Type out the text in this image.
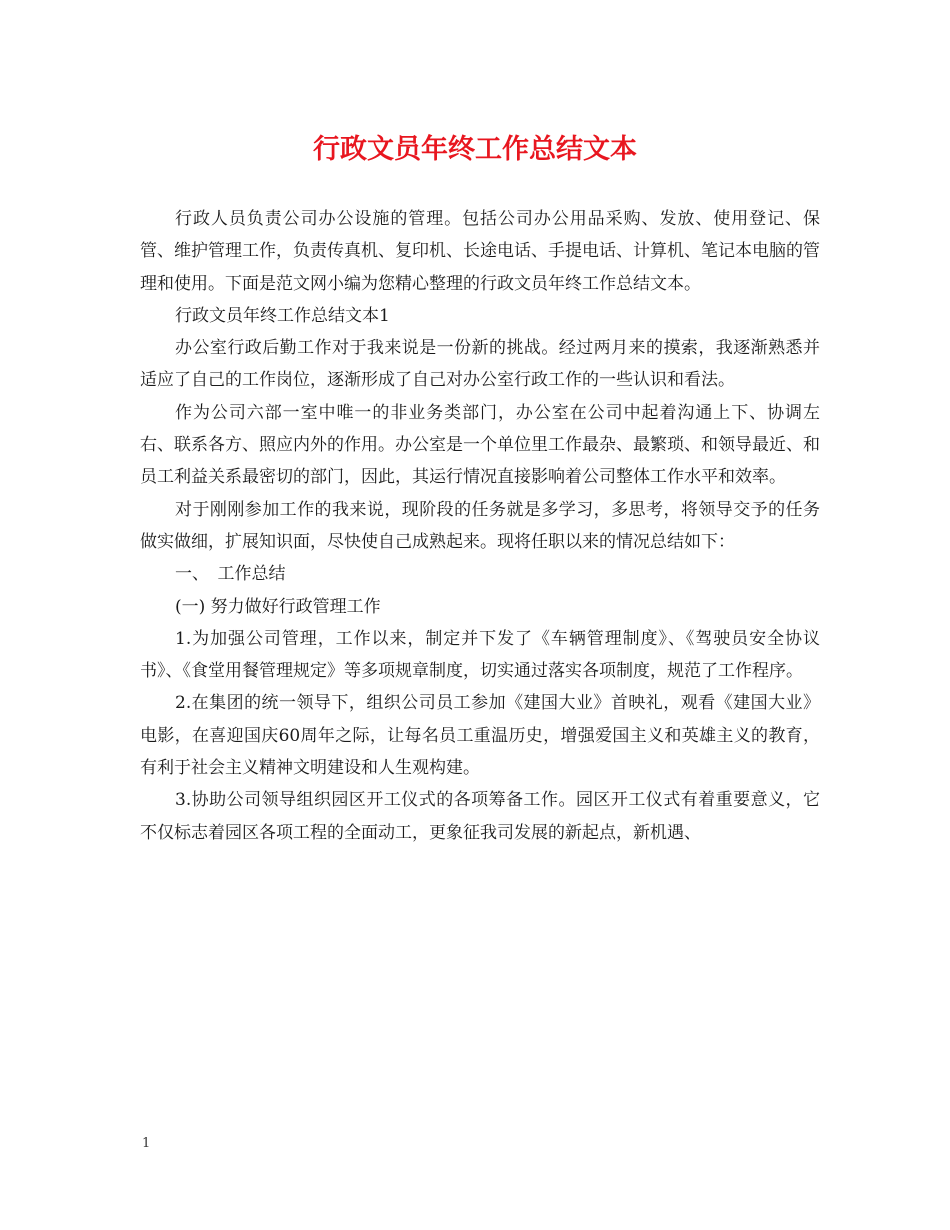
行政文员年终工作总结文本

行政人员负责公司办公设施的管理。包括公司办公用品采购、发放、使用登记、保管、维护管理工作，负责传真机、复印机、长途电话、手提电话、计算机、笔记本电脑的管理和使用。下面是范文网小编为您精心整理的行政文员年终工作总结文本。

行政文员年终工作总结文本1

办公室行政后勤工作对于我来说是一份新的挑战。经过两月来的摸索，我逐渐熟悉并适应了自己的工作岗位，逐渐形成了自己对办公室行政工作的一些认识和看法。

作为公司六部一室中唯一的非业务类部门，办公室在公司中起着沟通上下、协调左右、联系各方、照应内外的作用。办公室是一个单位里工作最杂、最繁琐、和领导最近、和员工利益关系最密切的部门，因此，其运行情况直接影响着公司整体工作水平和效率。

对于刚刚参加工作的我来说，现阶段的任务就是多学习，多思考，将领导交予的任务做实做细，扩展知识面，尽快使自己成熟起来。现将任职以来的情况总结如下：

一、　工作总结

(一) 努力做好行政管理工作

1.为加强公司管理，工作以来，制定并下发了《车辆管理制度》、《驾驶员安全协议书》、《食堂用餐管理规定》等多项规章制度，切实通过落实各项制度，规范了工作程序。

2.在集团的统一领导下，组织公司员工参加《建国大业》首映礼，观看《建国大业》电影，在喜迎国庆60周年之际，让每名员工重温历史，增强爱国主义和英雄主义的教育，有利于社会主义精神文明建设和人生观构建。

3.协助公司领导组织园区开工仪式的各项筹备工作。园区开工仪式有着重要意义，它不仅标志着园区各项工程的全面动工，更象征我司发展的新起点，新机遇、

1
